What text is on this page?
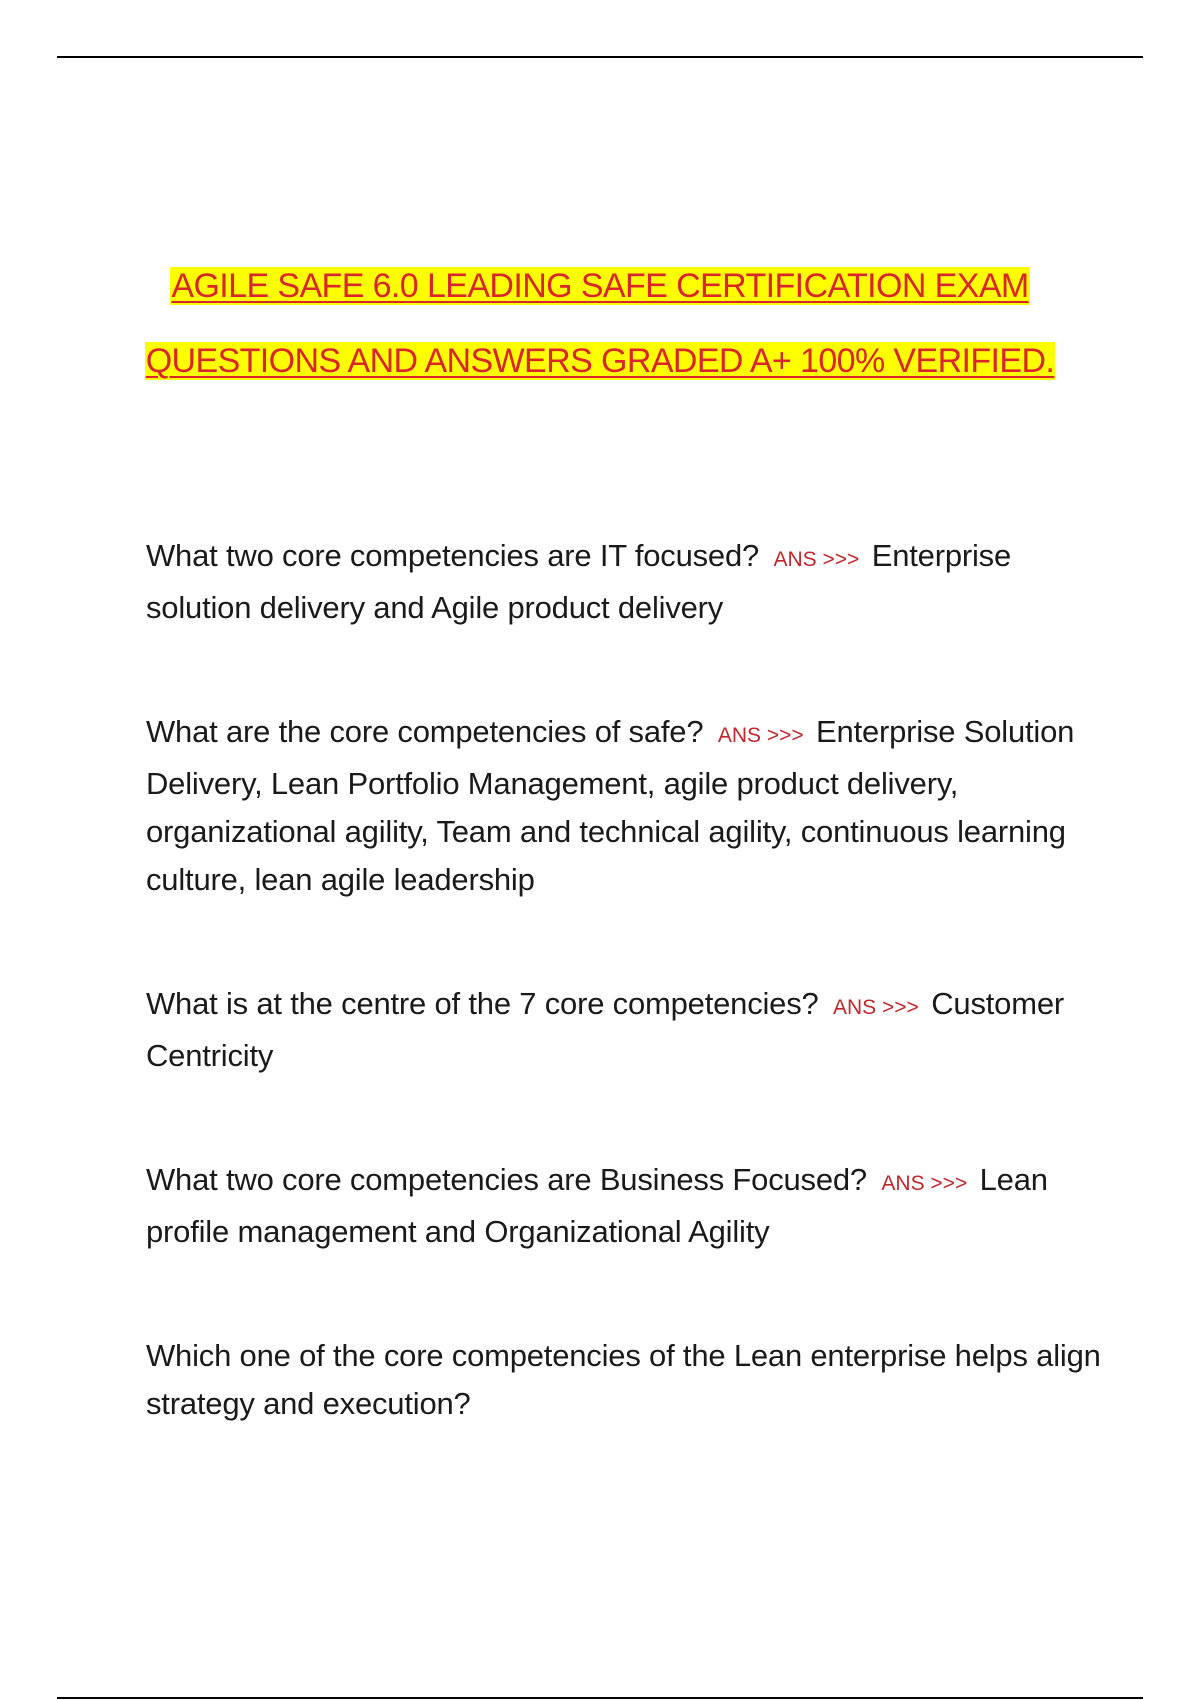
AGILE SAFE 6.0 LEADING SAFE CERTIFICATION EXAM
QUESTIONS AND ANSWERS GRADED A+ 100% VERIFIED.
What two core competencies are IT focused? ANS >>> Enterprise solution delivery and Agile product delivery
What are the core competencies of safe? ANS >>> Enterprise Solution Delivery, Lean Portfolio Management, agile product delivery, organizational agility, Team and technical agility, continuous learning culture, lean agile leadership
What is at the centre of the 7 core competencies? ANS >>> Customer Centricity
What two core competencies are Business Focused? ANS >>> Lean profile management and Organizational Agility
Which one of the core competencies of the Lean enterprise helps align strategy and execution?
